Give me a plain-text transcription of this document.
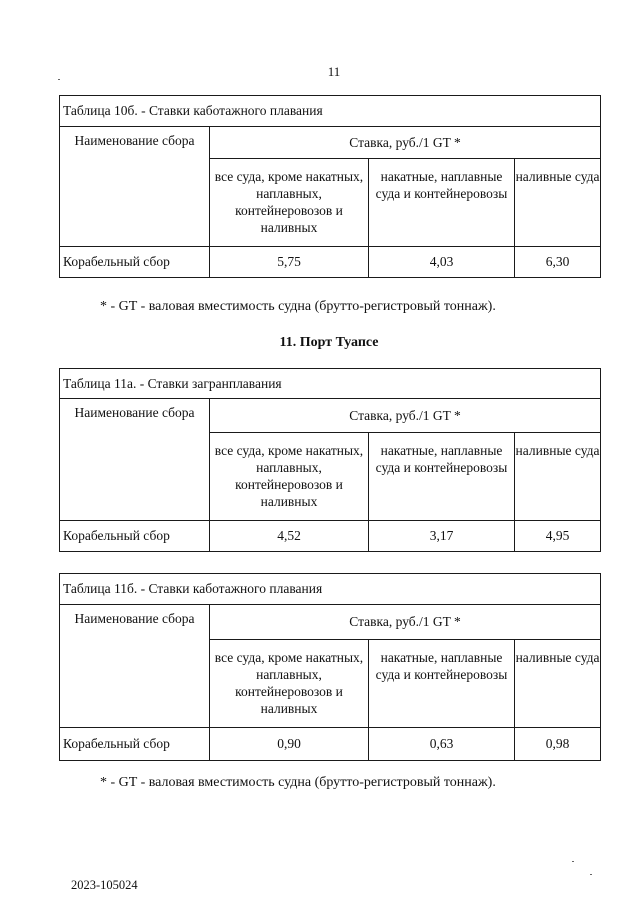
11
Таблица 10б. - Ставки каботажного плавания			
Наименование сбора	Ставка, руб./1 GT *		
	все суда, кроме накатных, наплавных, контейнеровозов и наливных	накатные, наплавные суда и контейнеровозы	наливные суда
Корабельный сбор	5,75	4,03	6,30
* - GT - валовая вместимость судна (брутто-регистровый тоннаж).
11. Порт Туапсе
Таблица 11а. - Ставки загранплавания			
Наименование сбора	Ставка, руб./1 GT *		
	все суда, кроме накатных, наплавных, контейнеровозов и наливных	накатные, наплавные суда и контейнеровозы	наливные суда
Корабельный сбор	4,52	3,17	4,95
Таблица 11б. - Ставки каботажного плавания			
Наименование сбора	Ставка, руб./1 GT *		
	все суда, кроме накатных, наплавных, контейнеровозов и наливных	накатные, наплавные суда и контейнеровозы	наливные суда
Корабельный сбор	0,90	0,63	0,98
* - GT - валовая вместимость судна (брутто-регистровый тоннаж).
2023-105024
